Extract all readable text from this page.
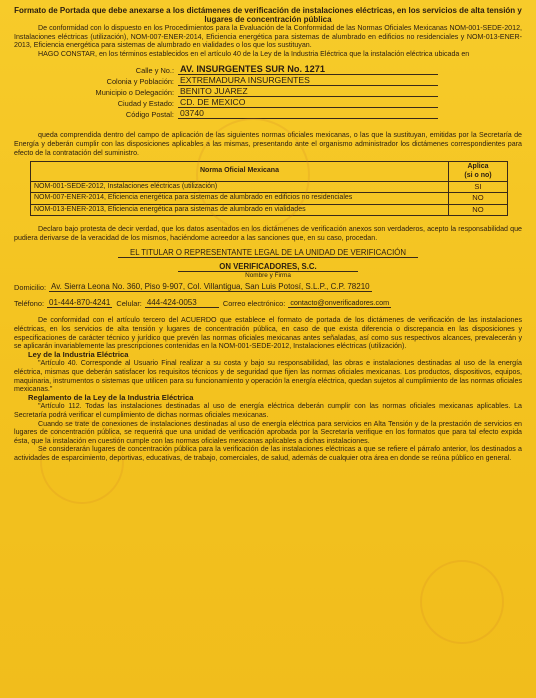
Formato de Portada que debe anexarse a los dictámenes de verificación de instalaciones eléctricas, en los servicios de alta tensión y lugares de concentración pública

De conformidad con lo dispuesto en los Procedimientos para la Evaluación de la Conformidad de las Normas Oficiales Mexicanas NOM-001-SEDE-2012, Instalaciones eléctricas (utilización), NOM-007-ENER-2014, Eficiencia energética para sistemas de alumbrado en edificios no residenciales y NOM-013-ENER-2013, Eficiencia energética para sistemas de alumbrado en vialidades o los que los sustituyan.

HAGO CONSTAR, en los términos establecidos en el artículo 40 de la Ley de la Industria Eléctrica que la instalación eléctrica ubicada en

Calle y No.: AV. INSURGENTES SUR No. 1271
Colonia y Población: EXTREMADURA INSURGENTES
Municipio o Delegación: BENITO JUAREZ
Ciudad y Estado: CD. DE MEXICO
Código Postal: 03740

queda comprendida dentro del campo de aplicación de las siguientes normas oficiales mexicanas, o las que la sustituyan, emitidas por la Secretaría de Energía y deberán cumplir con las disposiciones aplicables a las mismas, presentando ante el organismo administrador los dictámenes correspondientes para efecto de la contratación del suministro.

Norma Oficial Mexicana	Aplica
(si o no)
NOM-001-SEDE-2012, Instalaciones eléctricas (utilización)	SI
NOM-007-ENER-2014, Eficiencia energética para sistemas de alumbrado en edificios no residenciales	NO
NOM-013-ENER-2013, Eficiencia energética para sistemas de alumbrado en vialidades	NO

Declaro bajo protesta de decir verdad, que los datos asentados en los dictámenes de verificación anexos son verdaderos, acepto la responsabilidad que pudiera derivarse de la veracidad de los mismos, haciéndome acreedor a las sanciones que, en su caso, procedan.

EL TITULAR O REPRESENTANTE LEGAL DE LA UNIDAD DE VERIFICACIÓN
ON VERIFICADORES, S.C.
Nombre y Firma
Domicilio: Av. Sierra Leona No. 360, Piso 9-907, Col. Villantigua, San Luis Potosí, S.L.P., C.P. 78210
Teléfono: 01-444-870-4241 Celular: 444-424-0053	Correo electrónico: contacto@onverificadores.com

De conformidad con el artículo tercero del ACUERDO que establece el formato de portada de los dictámenes de verificación de las instalaciones eléctricas, en los servicios de alta tensión y lugares de concentración pública, en caso de que exista diferencia o discrepancia en las disposiciones y especificaciones de carácter técnico y jurídico que prevén las normas oficiales mexicanas antes señaladas, así como sus respectivos alcances, prevalecerán y se aplicarán invariablemente las prescripciones contenidas en la NOM-001-SEDE-2012, Instalaciones eléctricas (utilización).

Ley de la Industria Eléctrica

"Artículo 40. Corresponde al Usuario Final realizar a su costa y bajo su responsabilidad, las obras e instalaciones destinadas al uso de la energía eléctrica, mismas que deberán satisfacer los requisitos técnicos y de seguridad que fijen las normas oficiales mexicanas. Los productos, dispositivos, equipos, maquinaria, instrumentos o sistemas que utilicen para su funcionamiento y operación la energía eléctrica, quedan sujetos al cumplimiento de las normas oficiales mexicanas."

Reglamento de la Ley de la Industria Eléctrica

"Artículo 112. Todas las instalaciones destinadas al uso de energía eléctrica deberán cumplir con las normas oficiales mexicanas aplicables. La Secretaría podrá verificar el cumplimiento de dichas normas oficiales mexicanas.

Cuando se trate de conexiones de instalaciones destinadas al uso de energía eléctrica para servicios en Alta Tensión y de la prestación de servicios en lugares de concentración pública, se requerirá que una unidad de verificación aprobada por la Secretaría verifique en los formatos que para tal efecto expida ésta, que la instalación en cuestión cumple con las normas oficiales mexicanas aplicables a dichas instalaciones.

Se considerarán lugares de concentración pública para la verificación de las instalaciones eléctricas a que se refiere el párrafo anterior, los destinados a actividades de esparcimiento, deportivas, educativas, de trabajo, comerciales, de salud, además de cualquier otra área en donde se reúna público en general.
